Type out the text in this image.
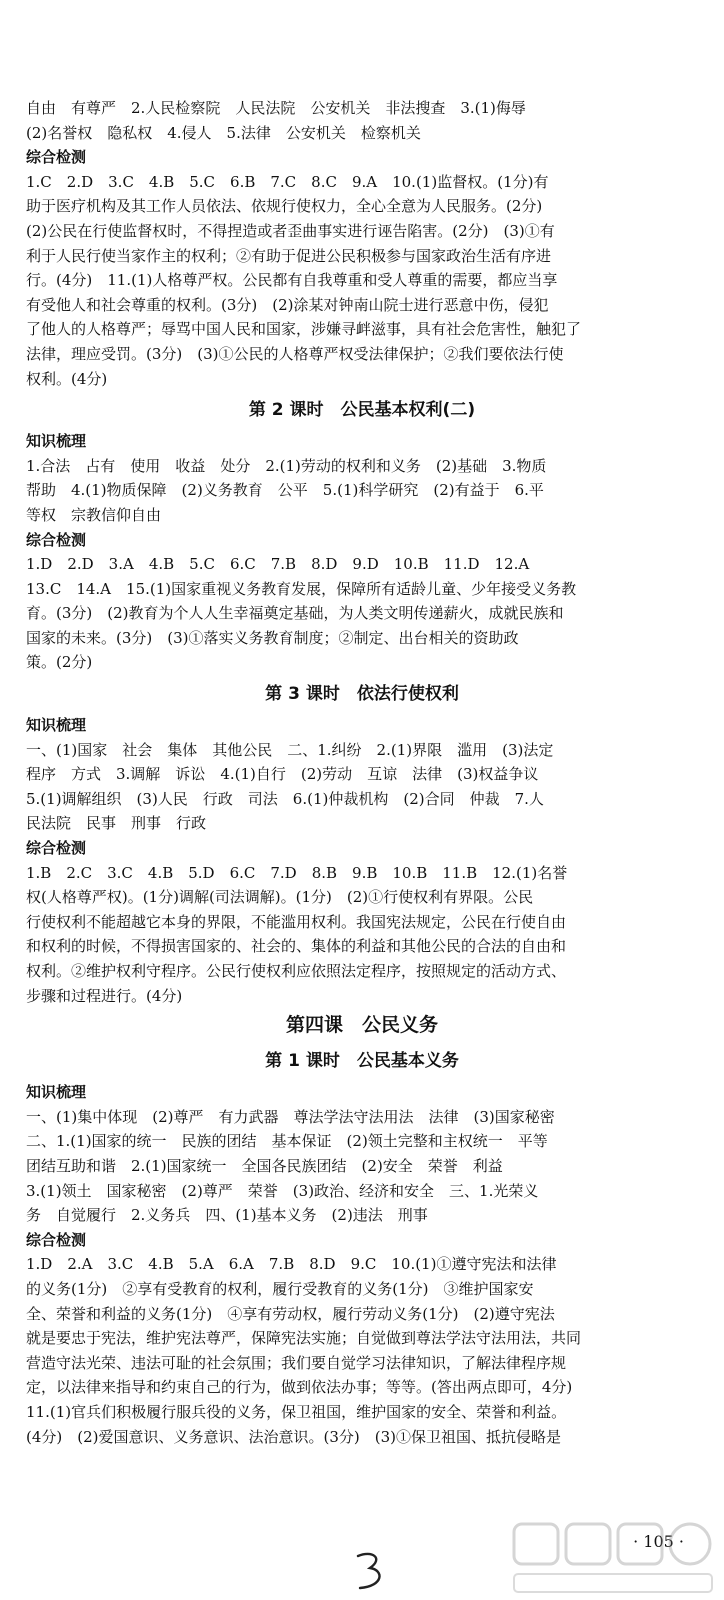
自由　有尊严　2.人民检察院　人民法院　公安机关　非法搜查　3.(1)侮辱
(2)名誉权　隐私权　4.侵人　5.法律　公安机关　检察机关
综合检测
1.C　2.D　3.C　4.B　5.C　6.B　7.C　8.C　9.A　10.(1)监督权。(1分)有
助于医疗机构及其工作人员依法、依规行使权力，全心全意为人民服务。(2分)
(2)公民在行使监督权时，不得捏造或者歪曲事实进行诬告陷害。(2分)　(3)①有
利于人民行使当家作主的权利；②有助于促进公民积极参与国家政治生活有序进
行。(4分)　11.(1)人格尊严权。公民都有自我尊重和受人尊重的需要，都应当享
有受他人和社会尊重的权利。(3分)　(2)涂某对钟南山院士进行恶意中伤，侵犯
了他人的人格尊严；辱骂中国人民和国家，涉嫌寻衅滋事，具有社会危害性，触犯了
法律，理应受罚。(3分)　(3)①公民的人格尊严权受法律保护；②我们要依法行使
权利。(4分)
第 2 课时　公民基本权利(二)
知识梳理
1.合法　占有　使用　收益　处分　2.(1)劳动的权利和义务　(2)基础　3.物质
帮助　4.(1)物质保障　(2)义务教育　公平　5.(1)科学研究　(2)有益于　6.平
等权　宗教信仰自由
综合检测
1.D　2.D　3.A　4.B　5.C　6.C　7.B　8.D　9.D　10.B　11.D　12.A
13.C　14.A　15.(1)国家重视义务教育发展，保障所有适龄儿童、少年接受义务教
育。(3分)　(2)教育为个人人生幸福奠定基础，为人类文明传递薪火，成就民族和
国家的未来。(3分)　(3)①落实义务教育制度；②制定、出台相关的资助政
策。(2分)
第 3 课时　依法行使权利
知识梳理
一、(1)国家　社会　集体　其他公民　二、1.纠纷　2.(1)界限　滥用　(3)法定
程序　方式　3.调解　诉讼　4.(1)自行　(2)劳动　互谅　法律　(3)权益争议
5.(1)调解组织　(3)人民　行政　司法　6.(1)仲裁机构　(2)合同　仲裁　7.人
民法院　民事　刑事　行政
综合检测
1.B　2.C　3.C　4.B　5.D　6.C　7.D　8.B　9.B　10.B　11.B　12.(1)名誉
权(人格尊严权)。(1分)调解(司法调解)。(1分)　(2)①行使权利有界限。公民
行使权利不能超越它本身的界限，不能滥用权利。我国宪法规定，公民在行使自由
和权利的时候，不得损害国家的、社会的、集体的利益和其他公民的合法的自由和
权利。②维护权利守程序。公民行使权利应依照法定程序，按照规定的活动方式、
步骤和过程进行。(4分)
第四课　公民义务
第 1 课时　公民基本义务
知识梳理
一、(1)集中体现　(2)尊严　有力武器　尊法学法守法用法　法律　(3)国家秘密
二、1.(1)国家的统一　民族的团结　基本保证　(2)领土完整和主权统一　平等
团结互助和谐　2.(1)国家统一　全国各民族团结　(2)安全　荣誉　利益
3.(1)领土　国家秘密　(2)尊严　荣誉　(3)政治、经济和安全　三、1.光荣义
务　自觉履行　2.义务兵　四、(1)基本义务　(2)违法　刑事
综合检测
1.D　2.A　3.C　4.B　5.A　6.A　7.B　8.D　9.C　10.(1)①遵守宪法和法律
的义务(1分)　②享有受教育的权利，履行受教育的义务(1分)　③维护国家安
全、荣誉和利益的义务(1分)　④享有劳动权，履行劳动义务(1分)　(2)遵守宪法
就是要忠于宪法，维护宪法尊严，保障宪法实施；自觉做到尊法学法守法用法，共同
营造守法光荣、违法可耻的社会氛围；我们要自觉学习法律知识，了解法律程序规
定，以法律来指导和约束自己的行为，做到依法办事；等等。(答出两点即可，4分)
11.(1)官兵们积极履行服兵役的义务，保卫祖国，维护国家的安全、荣誉和利益。
(4分)　(2)爱国意识、义务意识、法治意识。(3分)　(3)①保卫祖国、抵抗侵略是
· 105 ·
